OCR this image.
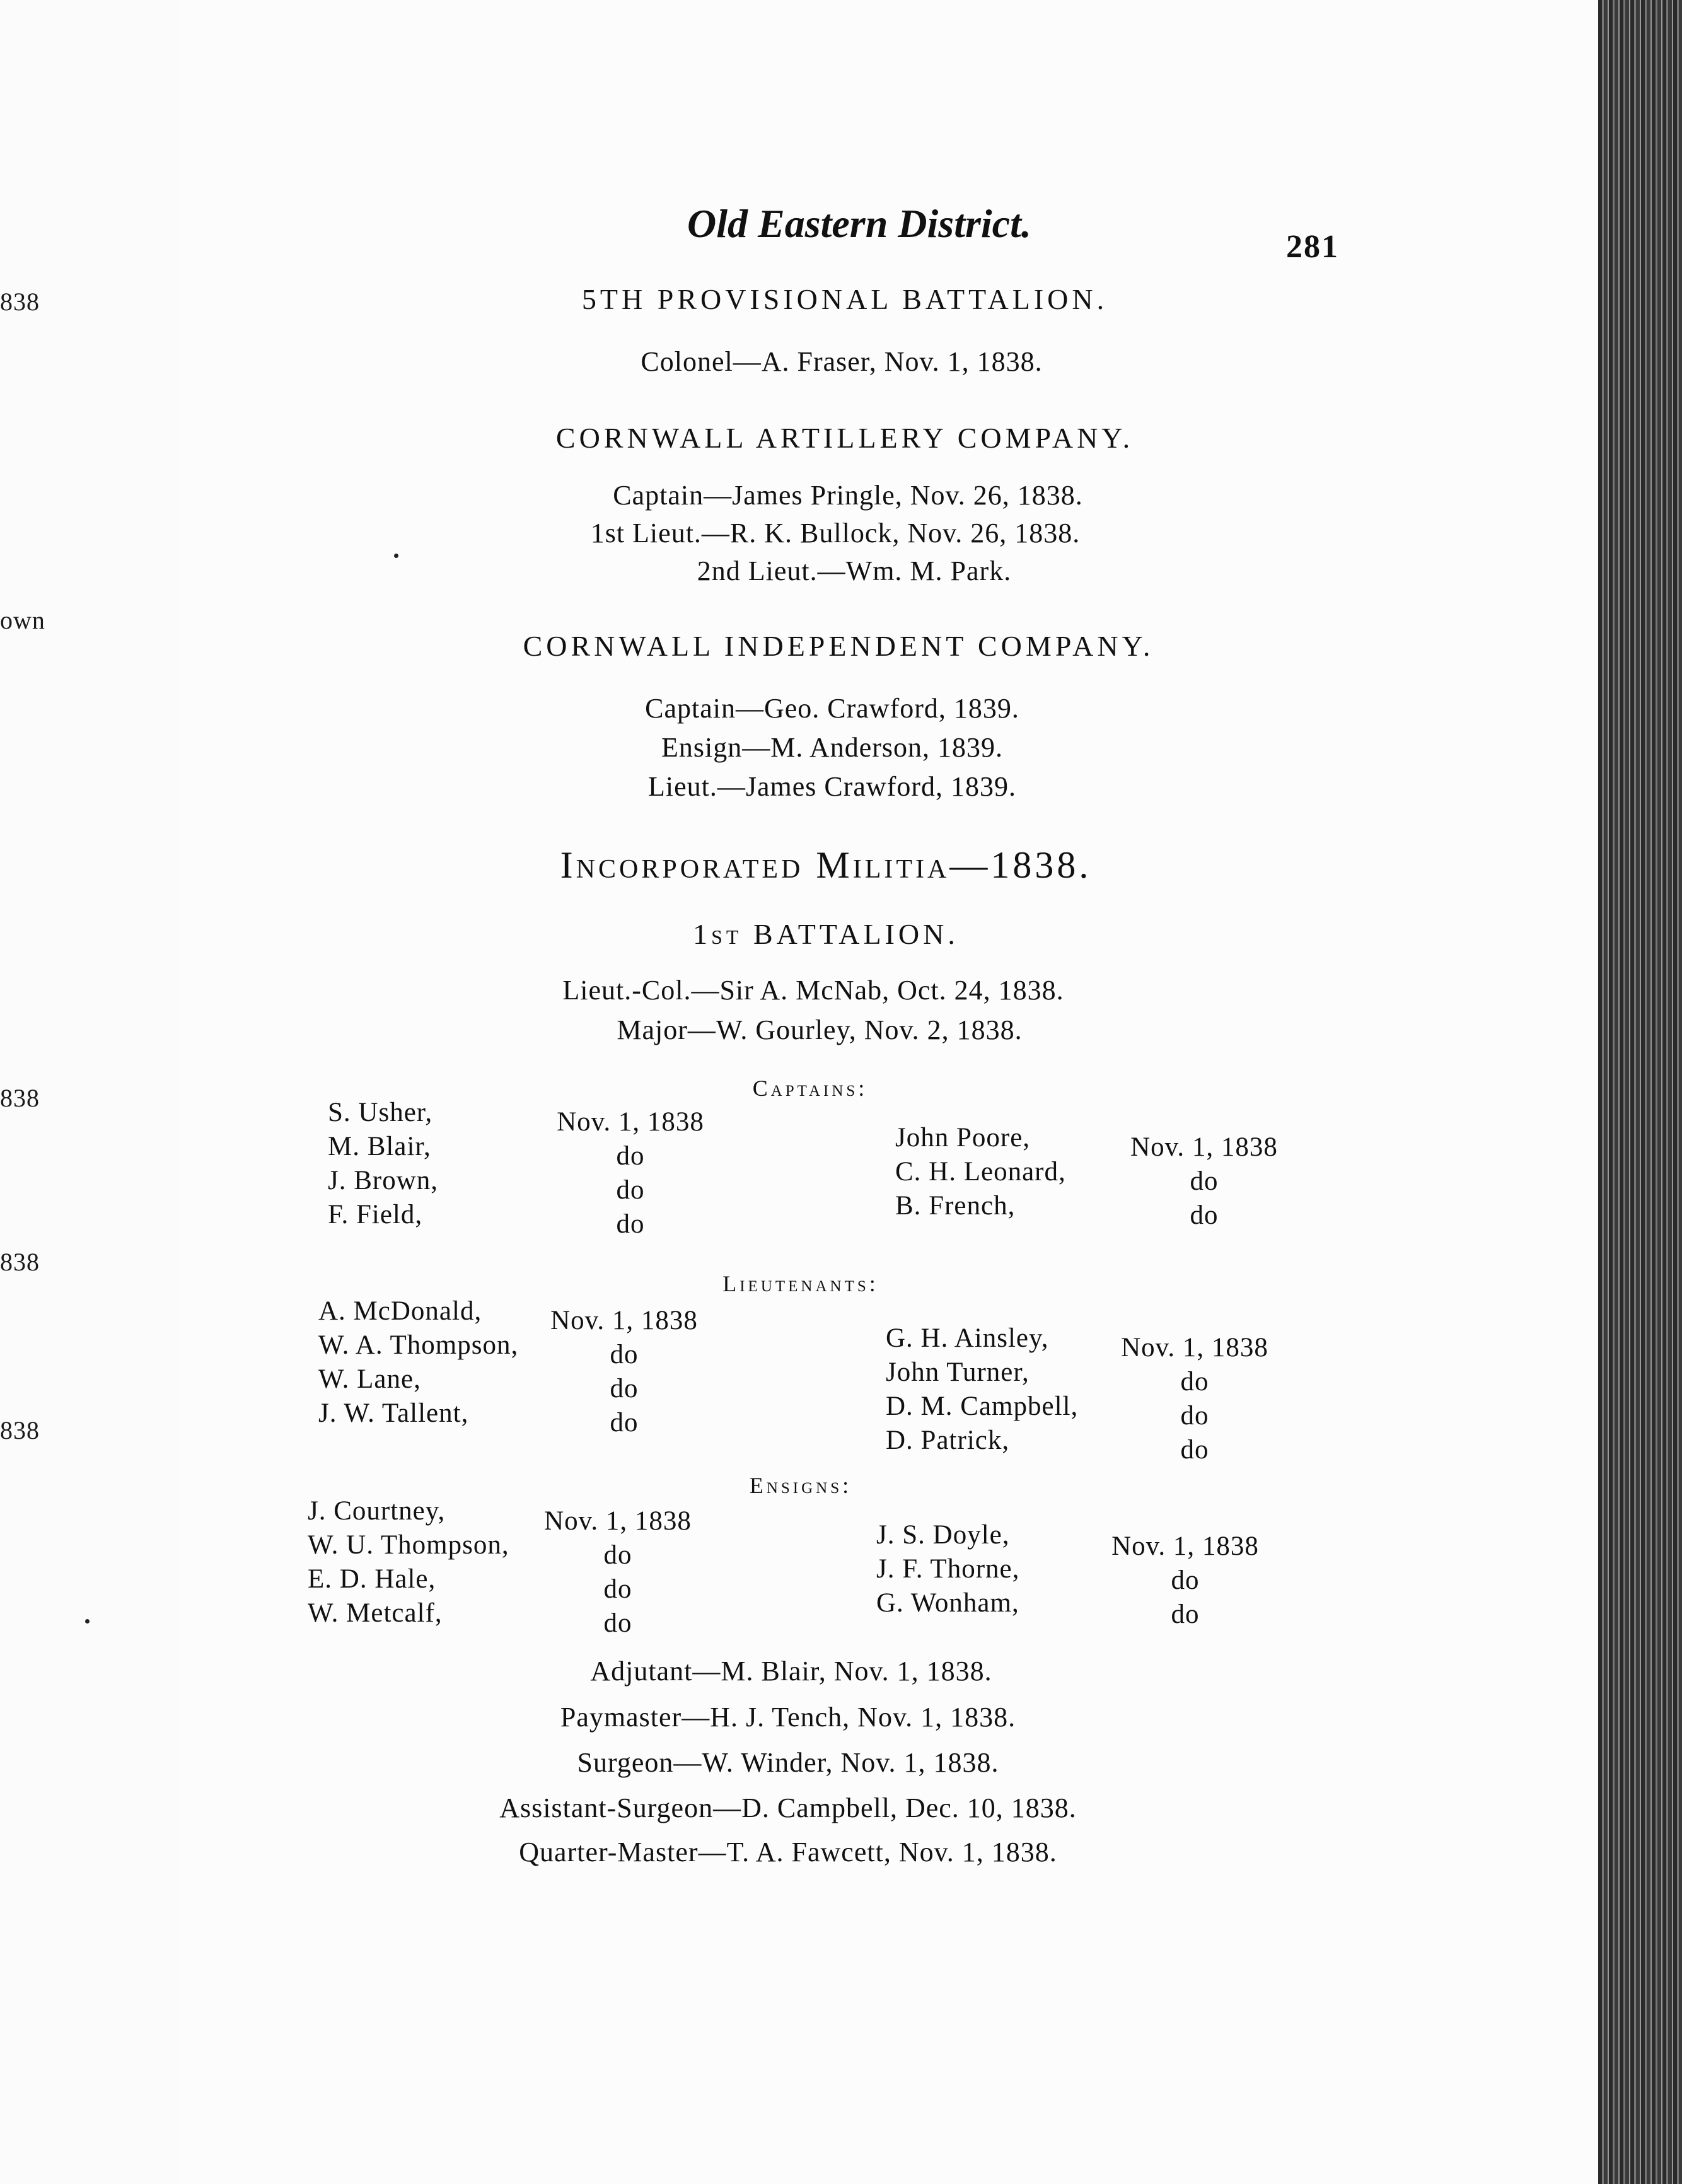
838
own
838
838
838
Old Eastern District.
281
5TH PROVISIONAL BATTALION.
Colonel—A. Fraser, Nov. 1, 1838.
CORNWALL ARTILLERY COMPANY.
Captain—James Pringle, Nov. 26, 1838.
1st Lieut.—R. K. Bullock, Nov. 26, 1838.
2nd Lieut.—Wm. M. Park.
CORNWALL INDEPENDENT COMPANY.
Captain—Geo. Crawford, 1839.
Ensign—M. Anderson, 1839.
Lieut.—James Crawford, 1839.
Incorporated Militia—1838.
1st BATTALION.
Lieut.-Col.—Sir A. McNab, Oct. 24, 1838.
Major—W. Gourley, Nov. 2, 1838.
Captains:
S. Usher,
M. Blair,
J. Brown,
F. Field,
Nov. 1, 1838
do
do
do
John Poore,
C. H. Leonard,
B. French,
Nov. 1, 1838
do
do
Lieutenants:
A. McDonald,
W. A. Thompson,
W. Lane,
J. W. Tallent,
Nov. 1, 1838
do
do
do
G. H. Ainsley,
John Turner,
D. M. Campbell,
D. Patrick,
Nov. 1, 1838
do
do
do
Ensigns:
J. Courtney,
W. U. Thompson,
E. D. Hale,
W. Metcalf,
Nov. 1, 1838
do
do
do
J. S. Doyle,
J. F. Thorne,
G. Wonham,
Nov. 1, 1838
do
do
Adjutant—M. Blair, Nov. 1, 1838.
Paymaster—H. J. Tench, Nov. 1, 1838.
Surgeon—W. Winder, Nov. 1, 1838.
Assistant-Surgeon—D. Campbell, Dec. 10, 1838.
Quarter-Master—T. A. Fawcett, Nov. 1, 1838.
